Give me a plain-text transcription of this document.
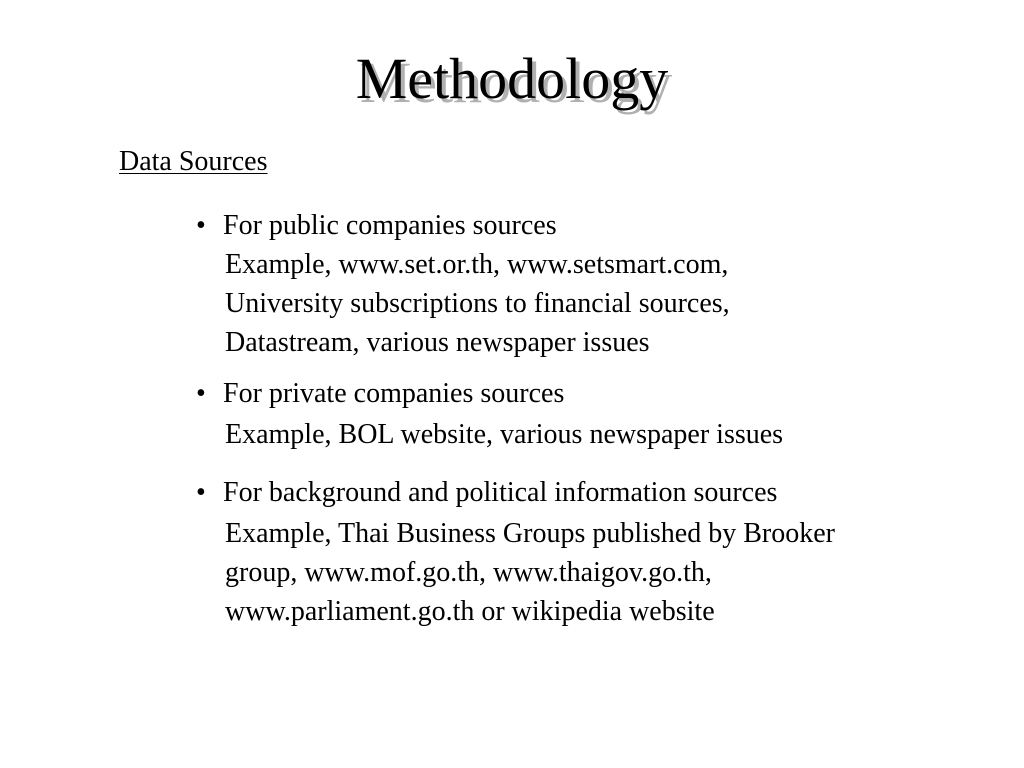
Methodology
Data Sources
• For public companies sources
Example, www.set.or.th, www.setsmart.com,
University subscriptions to financial sources,
Datastream, various newspaper issues
• For private companies sources
Example, BOL website, various newspaper issues
• For background and political information sources
Example, Thai Business Groups published by Brooker
group, www.mof.go.th, www.thaigov.go.th,
www.parliament.go.th or wikipedia website
